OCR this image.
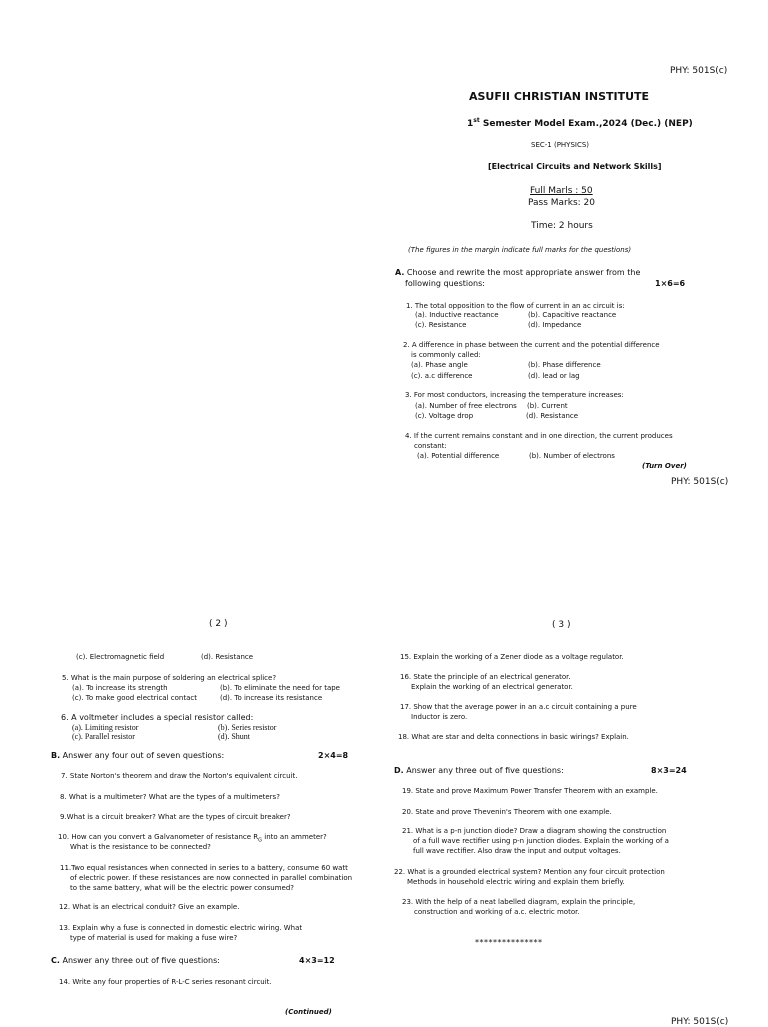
PHY: 501S(c)
ASUFII CHRISTIAN INSTITUTE
1st Semester Model Exam.,2024 (Dec.) (NEP)
SEC-1 (PHYSICS)
[Electrical Circuits and Network Skills]
Full Marls : 50
Pass Marks: 20
Time: 2 hours
(The figures in the margin indicate full marks for the questions)
A. Choose and rewrite the most appropriate answer from the
following questions:	1×6=6
1. The total opposition to the flow of current in an ac circuit is:
(a). Inductive reactance	(b). Capacitive reactance
(c). Resistance	(d). Impedance
2. A difference in phase between the current and the potential difference
is commonly called:
(a). Phase angle	(b). Phase difference
(c). a.c difference	(d). lead or lag
3. For most conductors, increasing the temperature increases:
(a). Number of free electrons (b). Current
(c). Voltage drop	(d). Resistance
4. If the current remains constant and in one direction, the current produces
constant:
(a). Potential difference	(b). Number of electrons
(Turn Over)
PHY: 501S(c)
( 2 )
(c). Electromagnetic field	(d). Resistance
5. What is the main purpose of soldering an electrical splice?
(a). To increase its strength	(b). To eliminate the need for tape
(c). To make good electrical contact	(d). To increase its resistance
6. A voltmeter includes a special resistor called:
(a). Limiting resistor	(b). Series resistor
(c). Parallel resistor	(d). Shunt
B. Answer any four out of seven questions:	2×4=8
7. State Norton's theorem and draw the Norton's equivalent circuit.
8. What is a multimeter? What are the types of a multimeters?
9.What is a circuit breaker? What are the types of circuit breaker?
10. How can you convert a Galvanometer of resistance $R_G$ into an ammeter?
What is the resistance to be connected?
11.Two equal resistances when connected in series to a battery, consume 60 watt
of electric power. If these resistances are now connected in parallel combination
to the same battery, what will be the electric power consumed?
12. What is an electrical conduit? Give an example.
13. Explain why a fuse is connected in domestic electric wiring. What
type of material is used for making a fuse wire?
C. Answer any three out of five questions:	4×3=12
14. Write any four properties of R-L-C series resonant circuit.
(Continued)
( 3 )
15. Explain the working of a Zener diode as a voltage regulator.
16. State the principle of an electrical generator.
Explain the working of an electrical generator.
17. Show that the average power in an a.c circuit containing a pure
Inductor is zero.
18. What are star and delta connections in basic wirings? Explain.
D. Answer any three out of five questions:	8×3=24
19. State and prove Maximum Power Transfer Theorem with an example.
20. State and prove Thevenin's Theorem with one example.
21. What is a p-n junction diode? Draw a diagram showing the construction
of a full wave rectifier using p-n junction diodes. Explain the working of a
full wave rectifier. Also draw the input and output voltages.
22. What is a grounded electrical system? Mention any four circuit protection
Methods in household electric wiring and explain them briefly.
23. With the help of a neat labelled diagram, explain the principle,
construction and working of a.c. electric motor.
***************
PHY: 501S(c)
